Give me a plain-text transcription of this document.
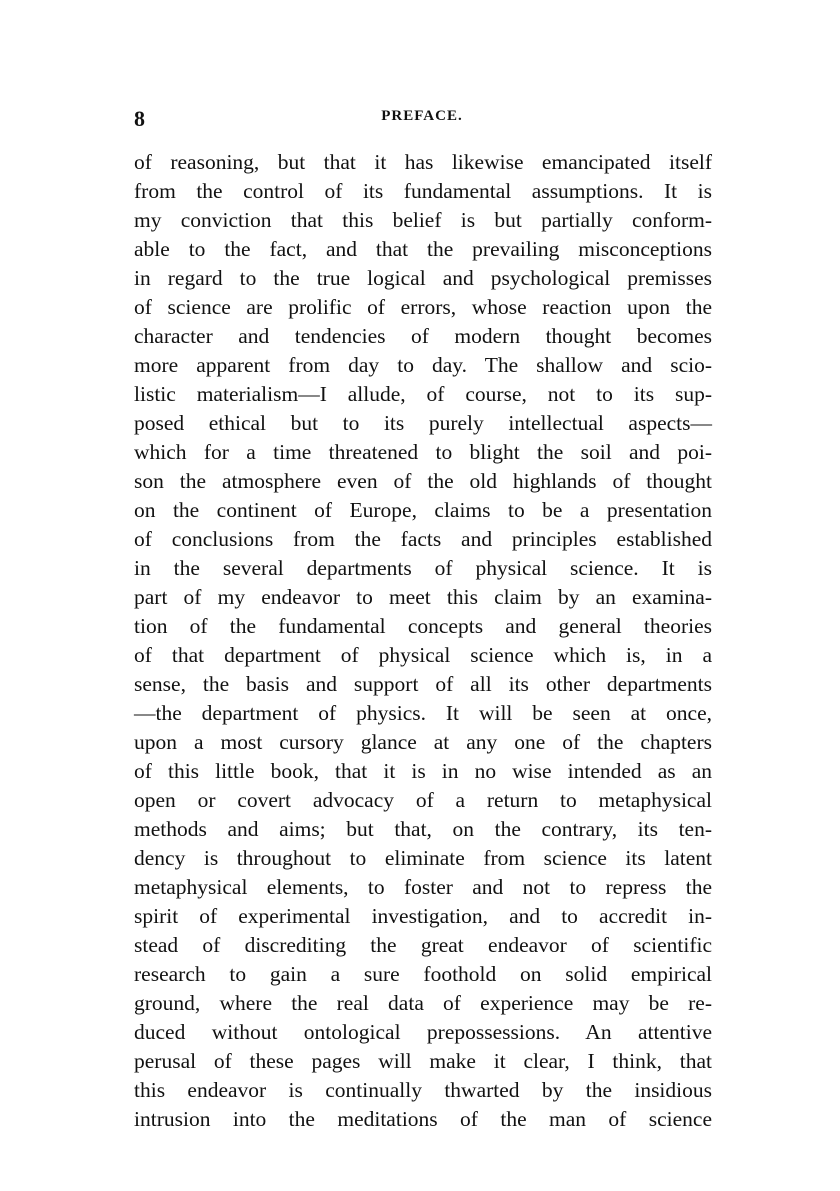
8	PREFACE.
of reasoning, but that it has likewise emancipated itself
from the control of its fundamental assumptions. It is
my conviction that this belief is but partially conform-
able to the fact, and that the prevailing misconceptions
in regard to the true logical and psychological premisses
of science are prolific of errors, whose reaction upon the
character and tendencies of modern thought becomes
more apparent from day to day. The shallow and scio-
listic materialism—I allude, of course, not to its sup-
posed ethical but to its purely intellectual aspects—
which for a time threatened to blight the soil and poi-
son the atmosphere even of the old highlands of thought
on the continent of Europe, claims to be a presentation
of conclusions from the facts and principles established
in the several departments of physical science. It is
part of my endeavor to meet this claim by an examina-
tion of the fundamental concepts and general theories
of that department of physical science which is, in a
sense, the basis and support of all its other departments
—the department of physics. It will be seen at once,
upon a most cursory glance at any one of the chapters
of this little book, that it is in no wise intended as an
open or covert advocacy of a return to metaphysical
methods and aims; but that, on the contrary, its ten-
dency is throughout to eliminate from science its latent
metaphysical elements, to foster and not to repress the
spirit of experimental investigation, and to accredit in-
stead of discrediting the great endeavor of scientific
research to gain a sure foothold on solid empirical
ground, where the real data of experience may be re-
duced without ontological prepossessions. An attentive
perusal of these pages will make it clear, I think, that
this endeavor is continually thwarted by the insidious
intrusion into the meditations of the man of science
